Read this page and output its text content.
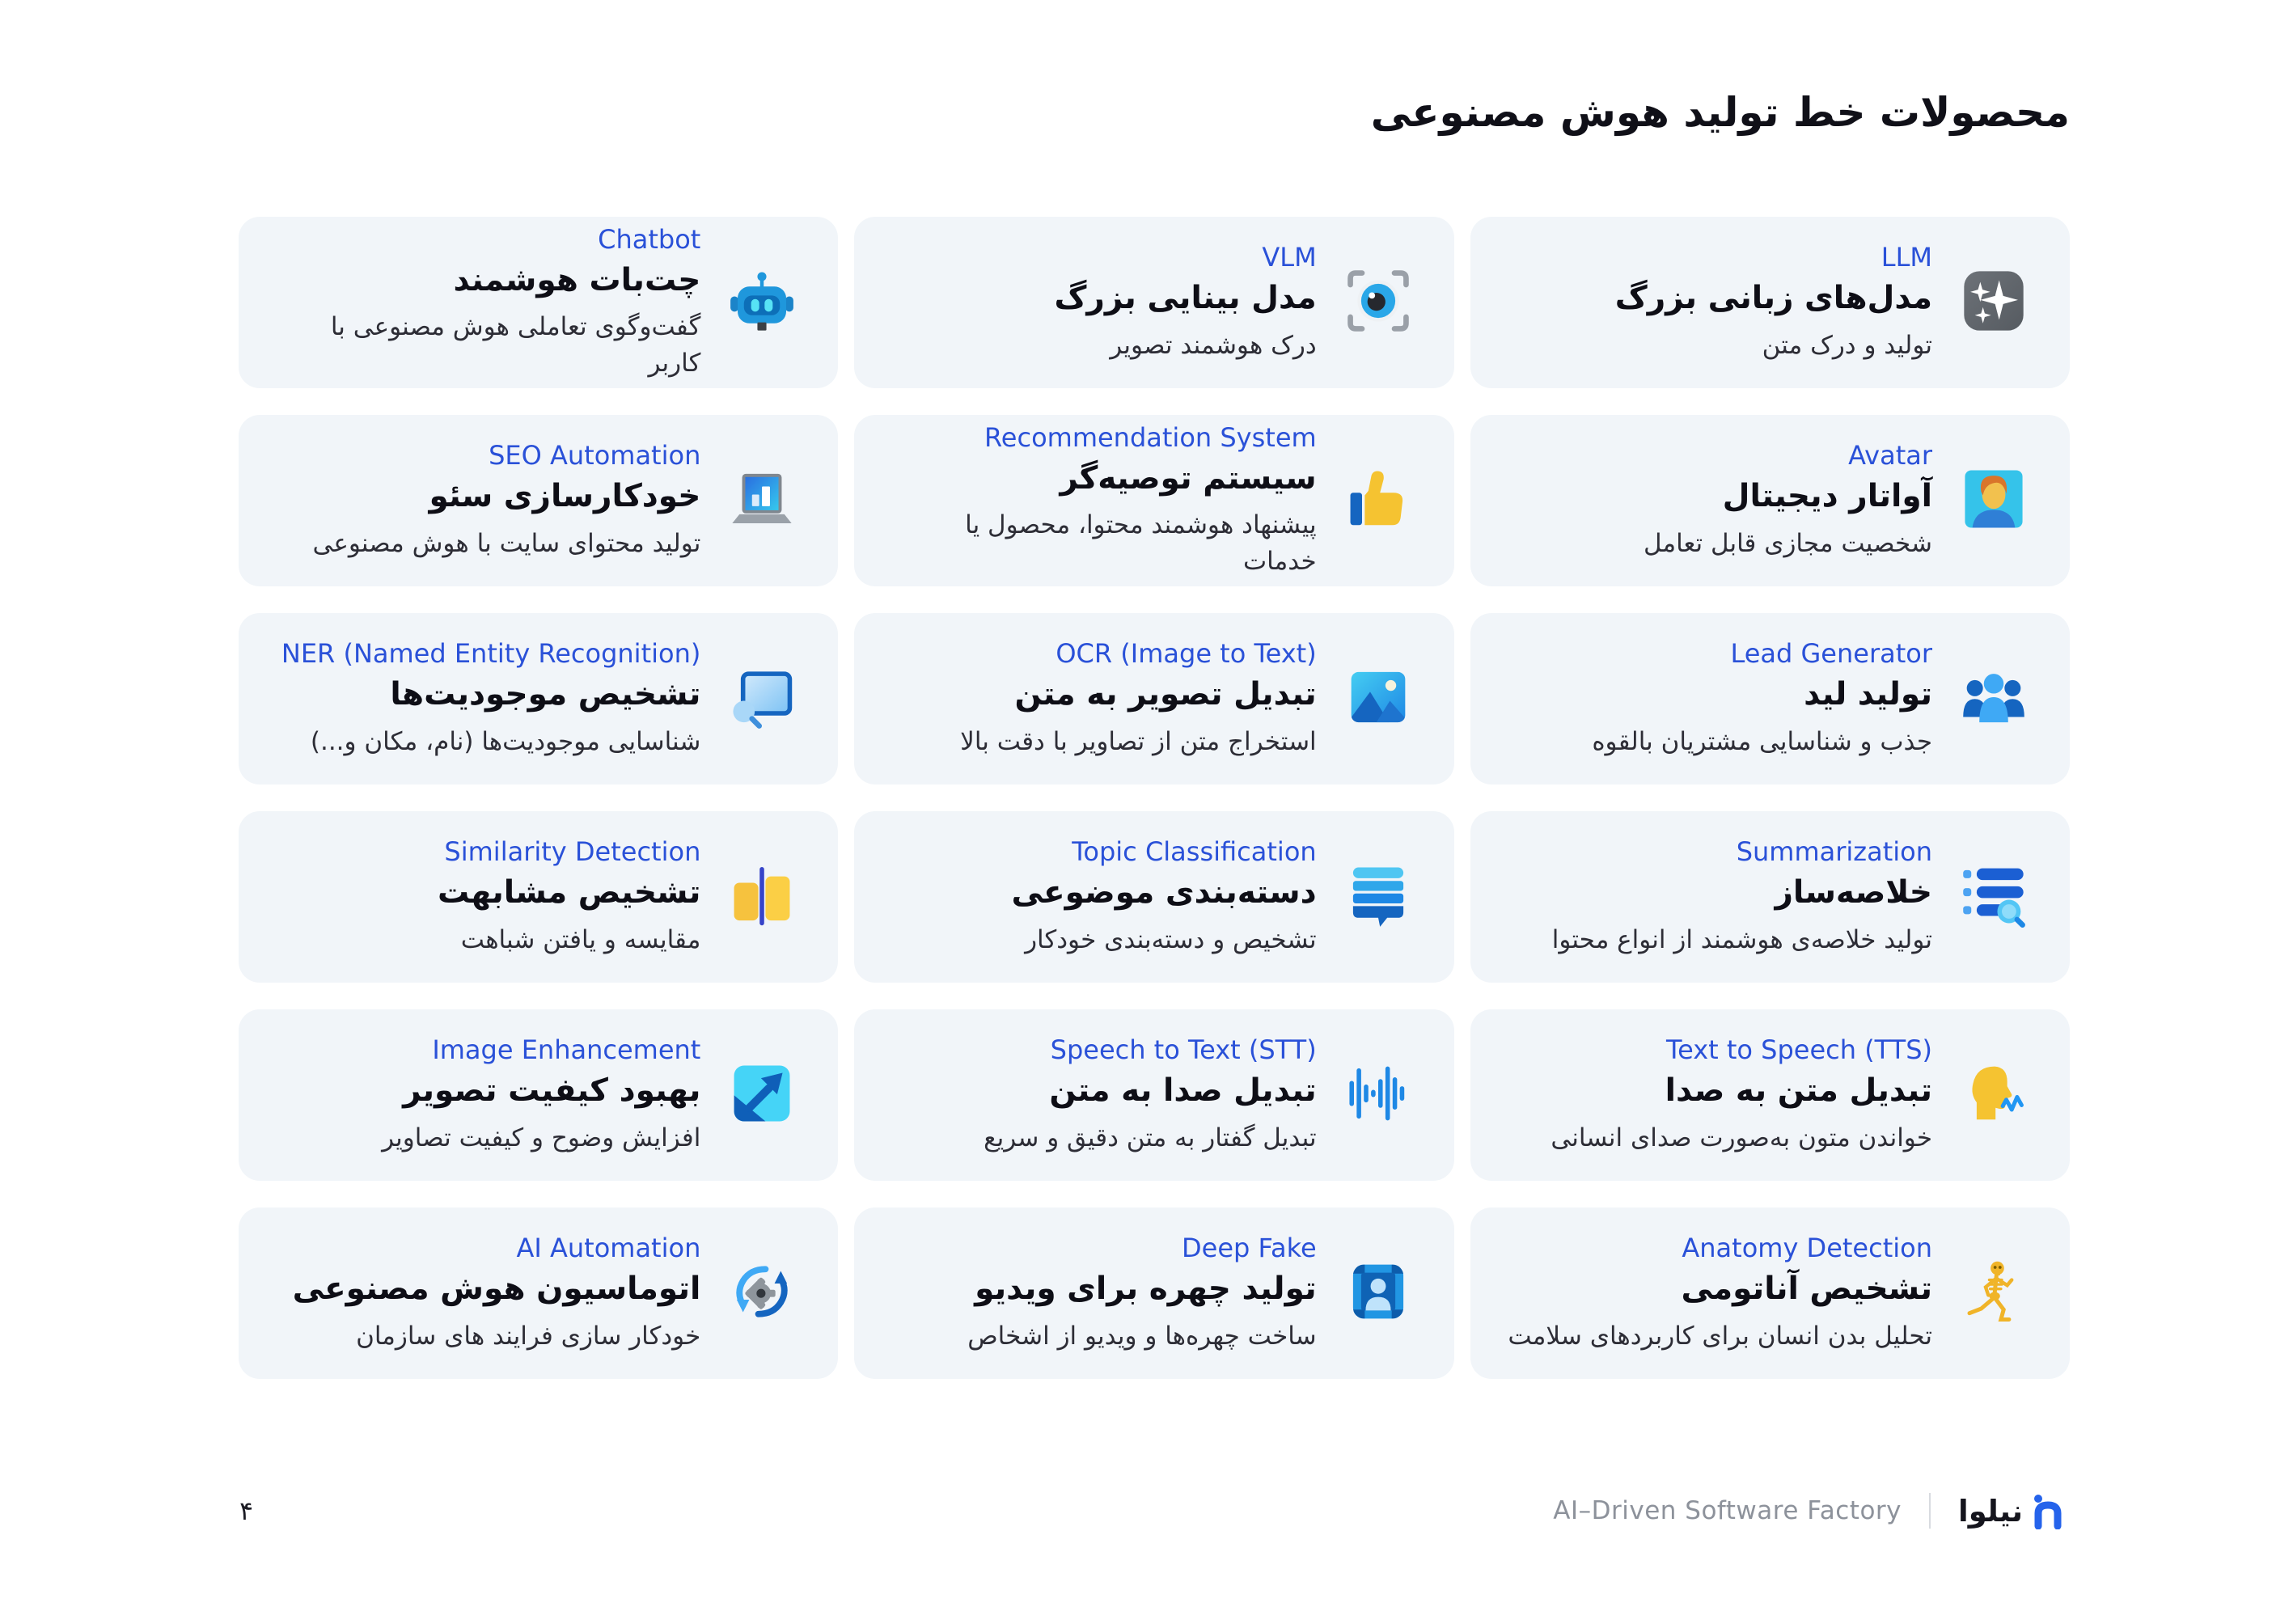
محصولات خط تولید هوش مصنوعی
LLM
مدل‌های زبانی بزرگ
تولید و درک متن
VLM
مدل بینایی بزرگ
درک هوشمند تصویر
Chatbot
چت‌بات هوشمند
گفت‌وگوی تعاملی هوش مصنوعی با کاربر
Avatar
آواتار دیجیتال
شخصیت مجازی قابل تعامل
Recommendation System
سیستم توصیه‌گر
پیشنهاد هوشمند محتوا، محصول یا خدمات
SEO Automation
خودکارسازی سئو
تولید محتوای سایت با هوش مصنوعی
Lead Generator
تولید لید
جذب و شناسایی مشتریان بالقوه
OCR (Image to Text)
تبدیل تصویر به متن
استخراج متن از تصاویر با دقت بالا
NER (Named Entity Recognition)
تشخیص موجودیت‌ها
شناسایی موجودیت‌ها (نام، مکان و...)
Summarization
خلاصه‌ساز
تولید خلاصه‌ی هوشمند از انواع محتوا
Topic Classification
دسته‌بندی موضوعی
تشخیص و دسته‌بندی خودکار
Similarity Detection
تشخیص مشابهت
مقایسه و یافتن شباهت
Text to Speech (TTS)
تبدیل متن به صدا
خواندن متون به‌صورت صدای انسانی
Speech to Text (STT)
تبدیل صدا به متن
تبدیل گفتار به متن دقیق و سریع
Image Enhancement
بهبود کیفیت تصویر
افزایش وضوح و کیفیت تصاویر
Anatomy Detection
تشخیص آناتومی
تحلیل بدن انسان برای کاربردهای سلامت
Deep Fake
تولید چهره برای ویدیو
ساخت چهره‌ها و ویدیو از اشخاص
AI Automation
اتوماسیون هوش مصنوعی
خودکار سازی فرایند های سازمان
۴	AI–Driven Software Factory نیلوا
